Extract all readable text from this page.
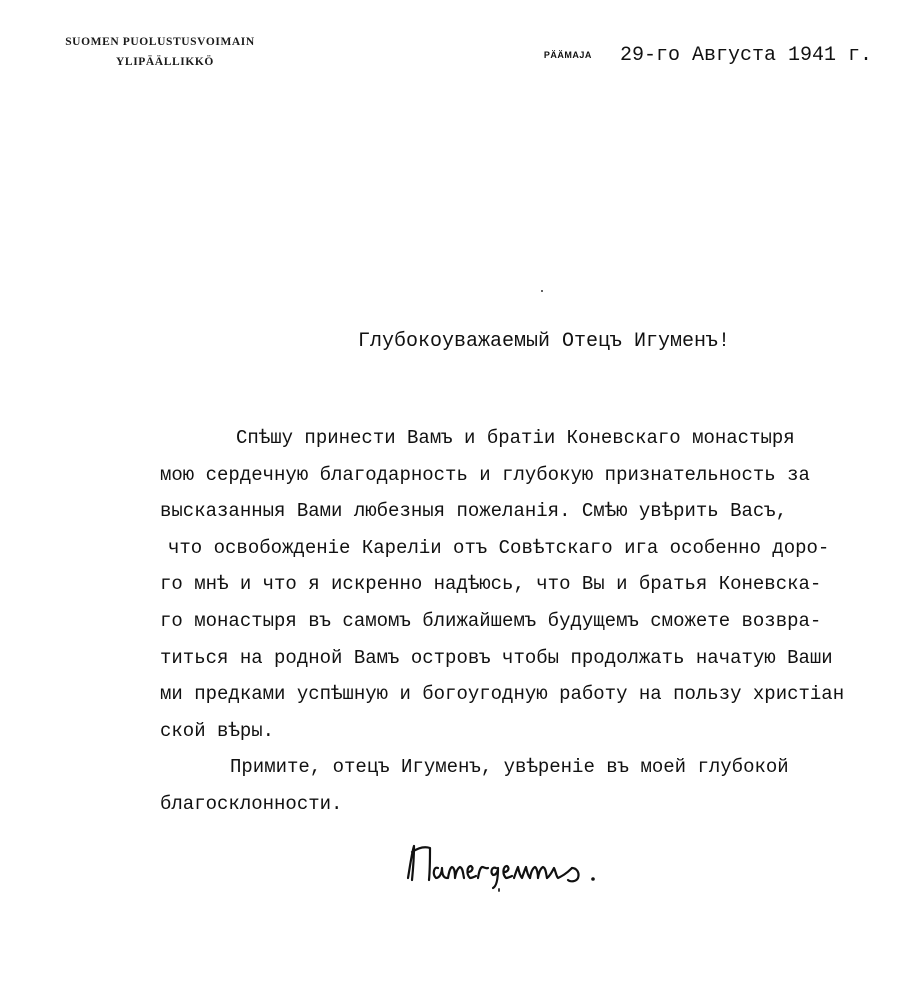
SUOMEN PUOLUSTUSVOIMAIN
YLIPÄÄLLIKKÖ
PÄÄMAJA 29-го Августа 1941 г.
Глубокоуважаемый Отецъ Игуменъ!
Спѣшу принести Вамъ и братіи Коневскаго монастыря
мою сердечную благодарность и глубокую признательность за
высказанныя Вами любезныя пожеланія. Смѣю увѣрить Васъ,
что освобожденіе Кареліи отъ Совѣтскаго ига особенно доро-
го мнѣ и что я искренно надѣюсь, что Вы и братья Коневска-
го монастыря въ самомъ ближайшемъ будущемъ сможете возвра-
титься на родной Вамъ островъ чтобы продолжать начатую Ваши
ми предками успѣшную и богоугодную работу на пользу христіан
ской вѣры.
Примите, отецъ Игуменъ, увѣреніе въ моей глубокой
благосклонности.
